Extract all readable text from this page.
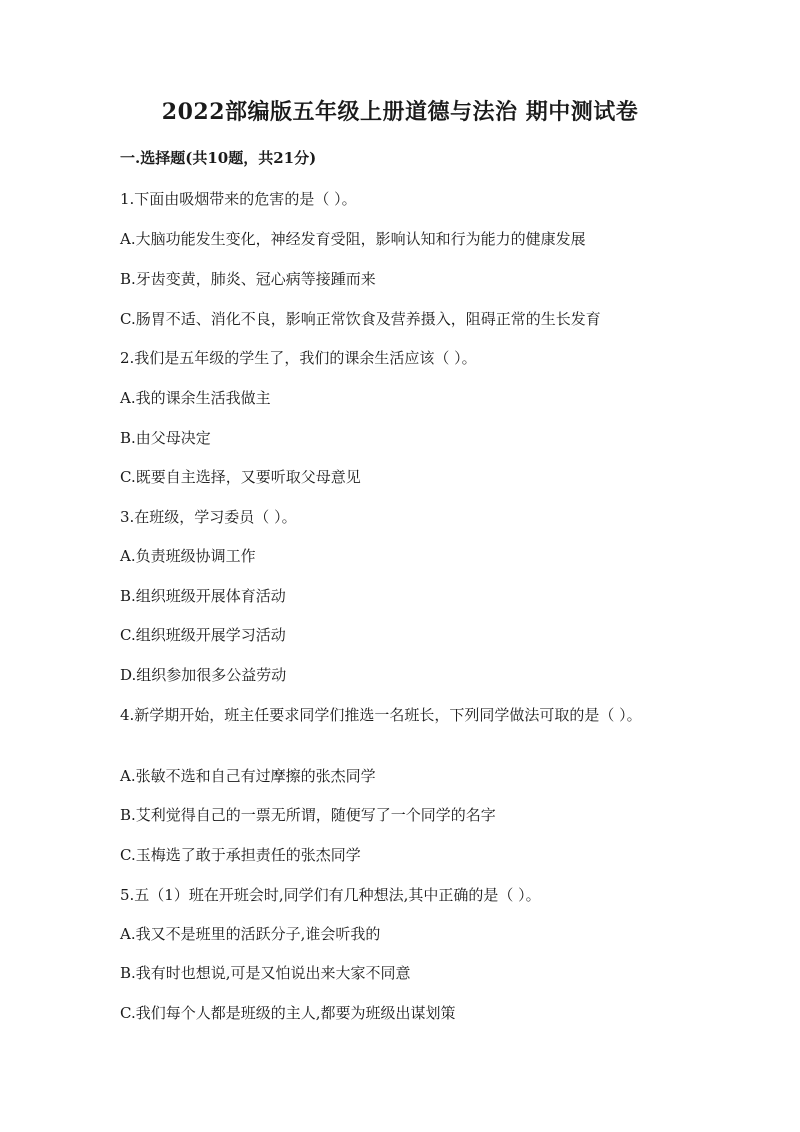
2022部编版五年级上册道德与法治 期中测试卷
一.选择题(共10题，共21分)
1.下面由吸烟带来的危害的是（ ）。
A.大脑功能发生变化，神经发育受阻，影响认知和行为能力的健康发展
B.牙齿变黄，肺炎、冠心病等接踵而来
C.肠胃不适、消化不良，影响正常饮食及营养摄入，阻碍正常的生长发育
2.我们是五年级的学生了，我们的课余生活应该（ ）。
A.我的课余生活我做主
B.由父母决定
C.既要自主选择，又要听取父母意见
3.在班级，学习委员（ ）。
A.负责班级协调工作
B.组织班级开展体育活动
C.组织班级开展学习活动
D.组织参加很多公益劳动
4.新学期开始，班主任要求同学们推选一名班长，下列同学做法可取的是（ ）。
A.张敏不选和自己有过摩擦的张杰同学
B.艾利觉得自己的一票无所谓，随便写了一个同学的名字
C.玉梅选了敢于承担责任的张杰同学
5.五（1）班在开班会时,同学们有几种想法,其中正确的是（ ）。
A.我又不是班里的活跃分子,谁会听我的
B.我有时也想说,可是又怕说出来大家不同意
C.我们每个人都是班级的主人,都要为班级出谋划策
